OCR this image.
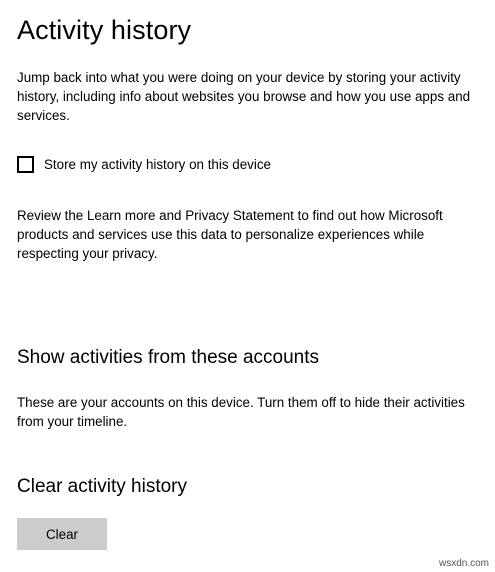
Activity history
Jump back into what you were doing on your device by storing your activity history, including info about websites you browse and how you use apps and services.
Store my activity history on this device
Review the Learn more and Privacy Statement to find out how Microsoft products and services use this data to personalize experiences while respecting your privacy.
Show activities from these accounts
These are your accounts on this device. Turn them off to hide their activities from your timeline.
Clear activity history
Clear
wsxdn.com
